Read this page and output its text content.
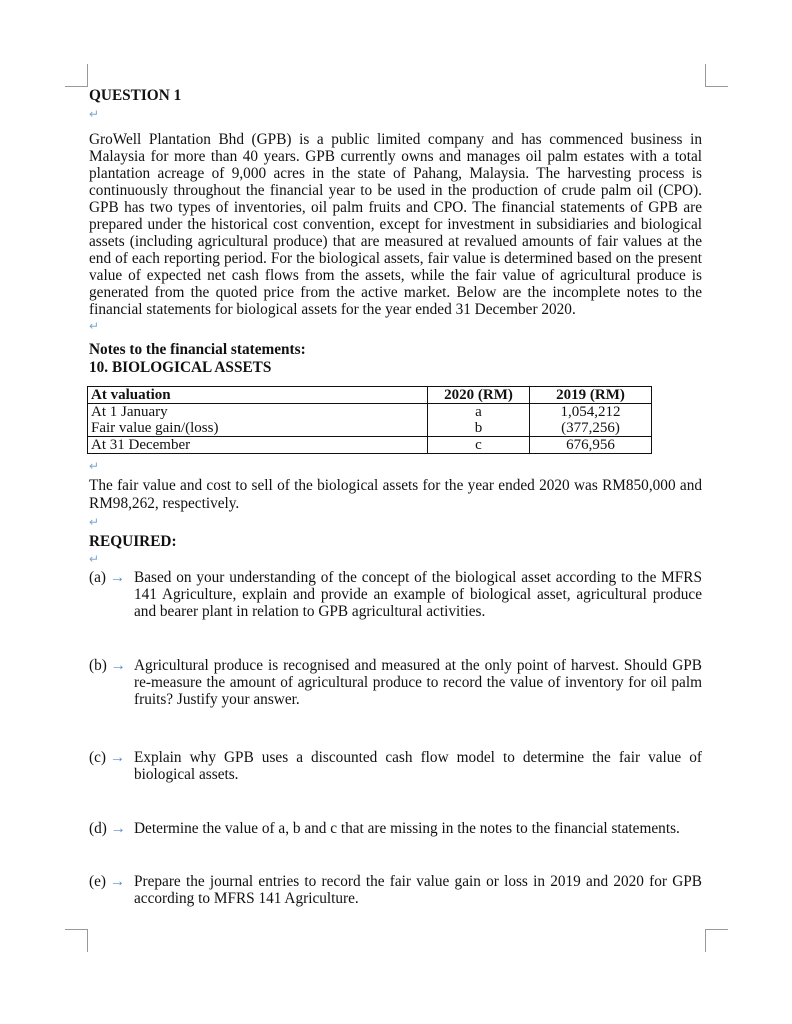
QUESTION 1
↵
GroWell Plantation Bhd (GPB) is a public limited company and has commenced business in
Malaysia for more than 40 years. GPB currently owns and manages oil palm estates with a total
plantation acreage of 9,000 acres in the state of Pahang, Malaysia. The harvesting process is
continuously throughout the financial year to be used in the production of crude palm oil (CPO).
GPB has two types of inventories, oil palm fruits and CPO. The financial statements of GPB are
prepared under the historical cost convention, except for investment in subsidiaries and biological
assets (including agricultural produce) that are measured at revalued amounts of fair values at the
end of each reporting period. For the biological assets, fair value is determined based on the present
value of expected net cash flows from the assets, while the fair value of agricultural produce is
generated from the quoted price from the active market. Below are the incomplete notes to the
financial statements for biological assets for the year ended 31 December 2020.
↵
Notes to the financial statements:
10. BIOLOGICAL ASSETS
At valuation	2020 (RM)	2019 (RM)
At 1 January	a	1,054,212
Fair value gain/(loss)	b	(377,256)
At 31 December	c	676,956
↵
The fair value and cost to sell of the biological assets for the year ended 2020 was RM850,000 and
RM98,262, respectively.
↵
REQUIRED:
↵
(a) → Based on your understanding of the concept of the biological asset according to the MFRS
141 Agriculture, explain and provide an example of biological asset, agricultural produce
and bearer plant in relation to GPB agricultural activities.
(b) → Agricultural produce is recognised and measured at the only point of harvest. Should GPB
re-measure the amount of agricultural produce to record the value of inventory for oil palm
fruits? Justify your answer.
(c) → Explain why GPB uses a discounted cash flow model to determine the fair value of
biological assets.
(d) → Determine the value of a, b and c that are missing in the notes to the financial statements.
(e) → Prepare the journal entries to record the fair value gain or loss in 2019 and 2020 for GPB
according to MFRS 141 Agriculture.
